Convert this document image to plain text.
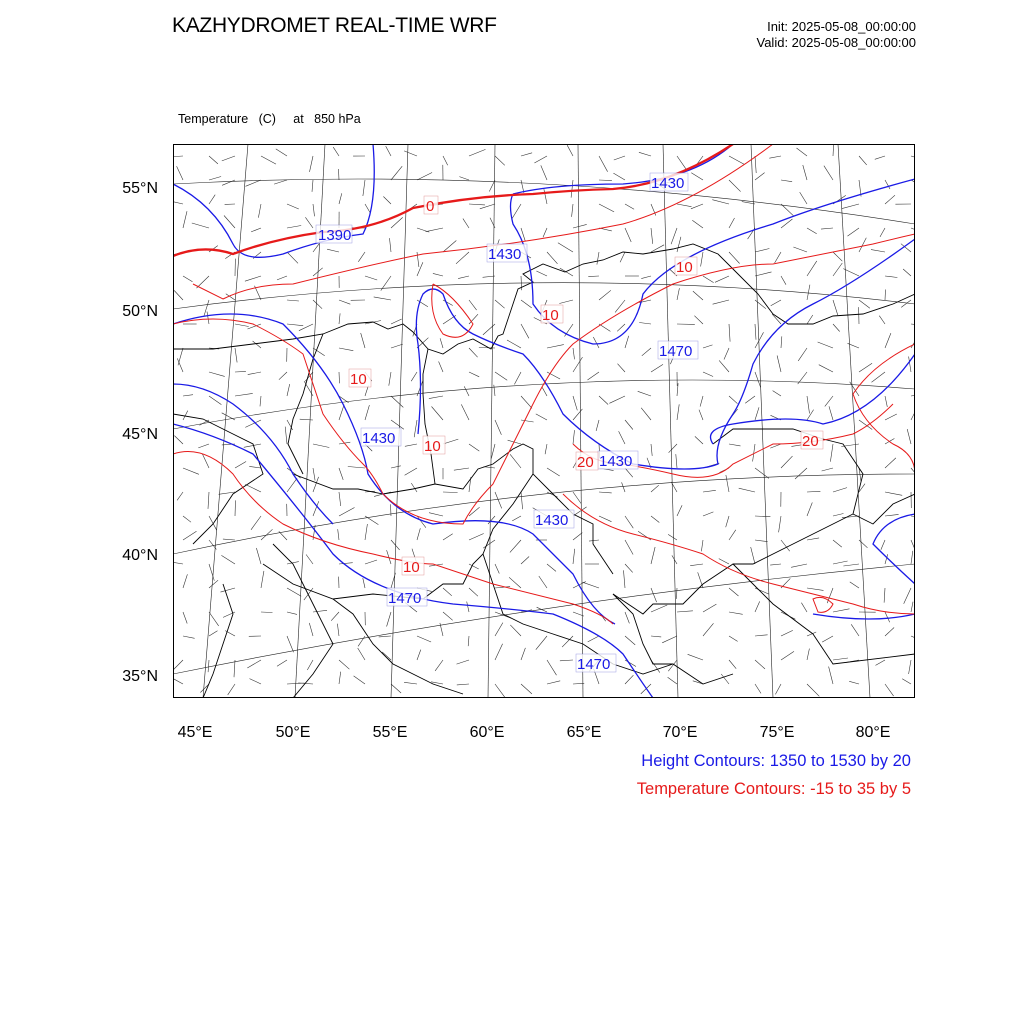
KAZHYDROMET REAL-TIME WRF	Init: 2025-05-08_00:00:00
Valid: 2025-05-08_00:00:00

Temperature   (C)     at   850 hPa

1390
1430
1430
1470
1430
1430
1430
1470
1470
0
10
10
10
10
20
20
10
55°N
50°N
45°N
40°N
35°N
45°E	50°E	55°E	60°E	65°E	70°E	75°E	80°E
Height Contours: 1350 to 1530 by 20
Temperature Contours: -15 to 35 by 5
